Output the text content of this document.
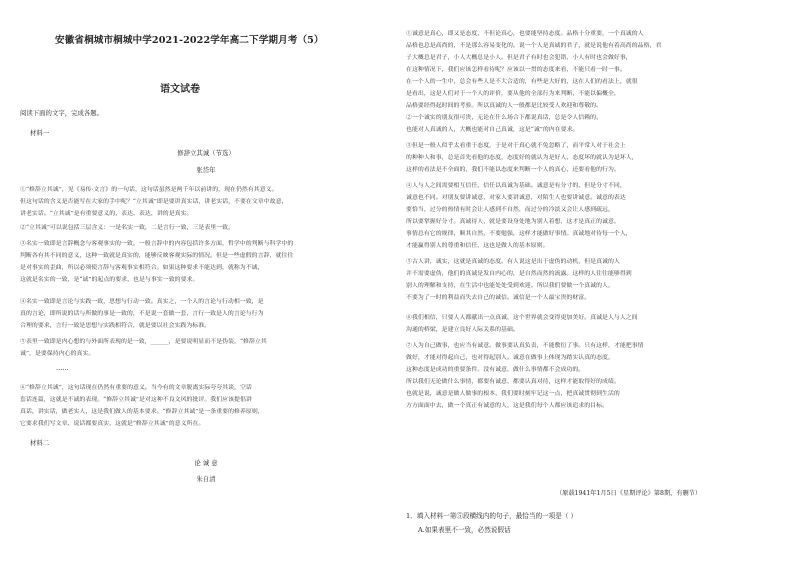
安徽省桐城市桐城中学2021-2022学年高二下学期月考（5）
语文试卷
阅读下面的文字，完成各题。
材料一
修辞立其诚（节选）
张岱年
①“修辞立其诚”，见《易传·文言》的一句话，这句话虽然是两千年以前讲的，现在仍然有其意义。
但这句话的含义是否能写在大家的手中呢？“立其诚”即是要讲真实话，讲老实话，不要在文章中故意，
讲老实话。“立其诚”是有重要意义的，表达、表达，讲的是真实。
②“立其诚”可以说包括三层含义：一是名实一致，二是言行一致，三是表里一致。
③名实一致即是言辞概念与客观事实的一致。一般言辞中的内容包括许多方面，哲学中的判断与科学中的
判断各有其不同的意义，这种一致就是真实的，能够反映客观实际的情况。但是一些虚假的言辞，就往往
是对事实的歪曲，所以必须使言辞与客观事实相符合。如果这种要求不能达到，就称为不诚，
这就是名实的一致，是“诚”的起点的要求，也是与事实一致的要求。
④名实一致即是言论与实践一致，思想与行动一致。真实之，一个人的言论与行动相一致，是
真的言论，即所说的话与所做的事是一致的，不是说一套做一套，言行一致是人的言论与行为
合理的要求，言行一致是思想与实践相符合，就是要以社会实践为标准。
⑤表里一致即是内心想的与外面所表现的是一致，______，是要说明显而不是伪装，“修辞立其
诚”，是要保持内心的真实。
……
⑥“修辞立其诚”，这句话现在仍然有重要的意义。当今有的文章脱离实际夸夸其谈，空话
套话连篇，这就是不诚的表现。“修辞立其诚”是对这种不良文风的批评。我们应该提倡讲
真话，讲实话，做老实人，这是我们做人的基本要求。“修辞立其诚”是一条重要的修养原则，
它要求我们写文章、说话都要真实，这就是“修辞立其诚”的意义所在。
材料二
论 诚 意
朱自清
①诚意是真心，即又是态度，不但论真心，也要能坚持态度。品格十分重要，一个真诚的人
品格也总是高尚的，不是那么容易变化的。说一个人是真诚的君子，就是说他有着高尚的品格，君
子大概总是君子，小人大概总是小人。但是君子有时也会犯错，小人有时也会做好事，
在这种情况下，我们应该怎样看待呢？应该以一贯的态度来看，不能只看一时一事。
在一个人的一生中，总会有些人是不大合适的，有些是大好的，这在人们的看法上，就很
是看出，这是人们对于一个人的评价，要从他的全部行为来判断，不能以偏概全，
品格要经得起时间的考验。所以真诚的人一般都是比较受人欢迎和尊敬的。
②一个诚实的朋友很可贵，无论在什么场合下都说真话，总是令人信赖的。
也能对人真诚的人，大概也能对自己真诚，这是“诚”的内在要求。
③但是一般人似乎太看重于态度，于是对于真心就不免忽略了，而平常人对于社会上
的种种人和事，总是首先看他的态度，态度好的就认为是好人，态度坏的就认为是坏人，
这样的看法是不全面的，我们不能以态度来判断一个人的真心，还要看他的行为。
④人与人之间需要相互信任，信任以真诚为基础。诚意是有分寸的，但是分寸不同，
诚意也不同。对朋友要讲诚意，对家人要讲诚意，对陌生人也要讲诚意。诚意的表达
要恰当，过分的热情有时会让人感到不自然，而过分的冷淡又会让人感到疏远，
所以要掌握好分寸。真诚待人，就是要设身处地为别人着想，这才是真正的诚意。
事情总有它的规律，顺其自然，不要勉强，这样才能做好事情。真诚地对待每一个人，
才能赢得别人的尊重和信任，这也是做人的基本原则。
⑤古人讲，诚实，这就是真诚的态度。有人说这是出于虚伪的动机，但是真诚的人
并不需要虚伪，他们的真诚是发自内心的，是自然而然的流露。这样的人往往能够得到
别人的理解和支持，在生活中也能处处受到欢迎。所以我们要做一个真诚的人，
不要为了一时的利益而失去自己的诚信。诚信是一个人最宝贵的财富。
⑥我们相信，只要人人都献出一点真诚，这个世界就会变得更加美好。真诚是人与人之间
沟通的桥梁，是建立良好人际关系的基础。
⑦人为自己做事，也应当有诚意。做事要认真负责，不能敷衍了事。只有这样，才能把事情
做好，才能对得起自己，也对得起别人。诚意在做事上体现为踏实认真的态度，
这种态度是成功的重要条件。没有诚意，做什么事情都不会成功的。
所以我们无论做什么事情，都要有诚意，都要认真对待，这样才能取得好的成绩。
也就是说，诚意是做人做事的根本，我们要时刻牢记这一点，把真诚贯彻到生活的
方方面面中去，做一个真正有诚意的人，这是我们每个人都应该追求的目标。
（原载1941年1月5日《星期评论》第8期，有删节）
1．填入材料一第⑤段横线内的句子，最恰当的一项是（ ）
A.如果表里不一致，必然说假话
